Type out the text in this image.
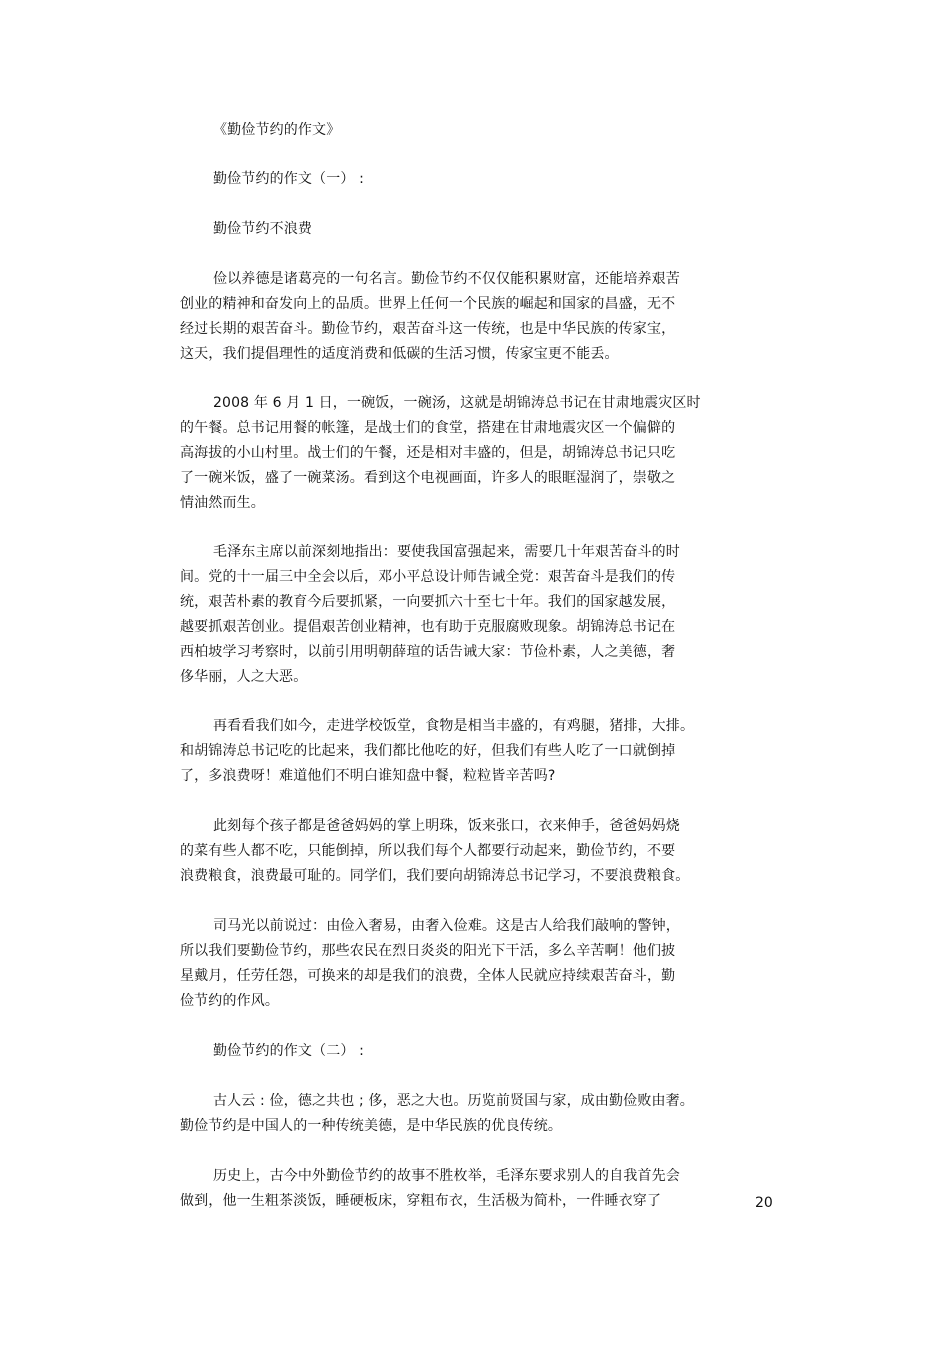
《勤俭节约的作文》
勤俭节约的作文（一） :
勤俭节约不浪费
俭以养德是诸葛亮的一句名言。勤俭节约不仅仅能积累财富，还能培养艰苦
创业的精神和奋发向上的品质。世界上任何一个民族的崛起和国家的昌盛，无不
经过长期的艰苦奋斗。勤俭节约，艰苦奋斗这一传统，也是中华民族的传家宝，
这天，我们提倡理性的适度消费和低碳的生活习惯，传家宝更不能丢。
2008 年 6 月 1 日，一碗饭，一碗汤，这就是胡锦涛总书记在甘肃地震灾区时
的午餐。总书记用餐的帐篷，是战士们的食堂，搭建在甘肃地震灾区一个偏僻的
高海拔的小山村里。战士们的午餐，还是相对丰盛的，但是，胡锦涛总书记只吃
了一碗米饭，盛了一碗菜汤。看到这个电视画面，许多人的眼眶湿润了，崇敬之
情油然而生。
毛泽东主席以前深刻地指出：要使我国富强起来，需要几十年艰苦奋斗的时
间。党的十一届三中全会以后，邓小平总设计师告诫全党：艰苦奋斗是我们的传
统，艰苦朴素的教育今后要抓紧，一向要抓六十至七十年。我们的国家越发展，
越要抓艰苦创业。提倡艰苦创业精神，也有助于克服腐败现象。胡锦涛总书记在
西柏坡学习考察时，以前引用明朝薛瑄的话告诫大家：节俭朴素，人之美德，奢
侈华丽，人之大恶。
再看看我们如今，走进学校饭堂，食物是相当丰盛的，有鸡腿，猪排，大排。
和胡锦涛总书记吃的比起来，我们都比他吃的好，但我们有些人吃了一口就倒掉
了，多浪费呀！难道他们不明白谁知盘中餐，粒粒皆辛苦吗?
此刻每个孩子都是爸爸妈妈的掌上明珠，饭来张口，衣来伸手，爸爸妈妈烧
的菜有些人都不吃，只能倒掉，所以我们每个人都要行动起来，勤俭节约，不要
浪费粮食，浪费最可耻的。同学们，我们要向胡锦涛总书记学习，不要浪费粮食。
司马光以前说过：由俭入奢易，由奢入俭难。这是古人给我们敲响的警钟，
所以我们要勤俭节约，那些农民在烈日炎炎的阳光下干活，多么辛苦啊！他们披
星戴月，任劳任怨，可换来的却是我们的浪费，全体人民就应持续艰苦奋斗，勤
俭节约的作风。
勤俭节约的作文（二） :
古人云 : 俭，德之共也 ; 侈，恶之大也。历览前贤国与家，成由勤俭败由奢。
勤俭节约是中国人的一种传统美德，是中华民族的优良传统。
历史上，古今中外勤俭节约的故事不胜枚举，毛泽东要求别人的自我首先会
做到，他一生粗茶淡饭，睡硬板床，穿粗布衣，生活极为简朴，一件睡衣穿了	20
